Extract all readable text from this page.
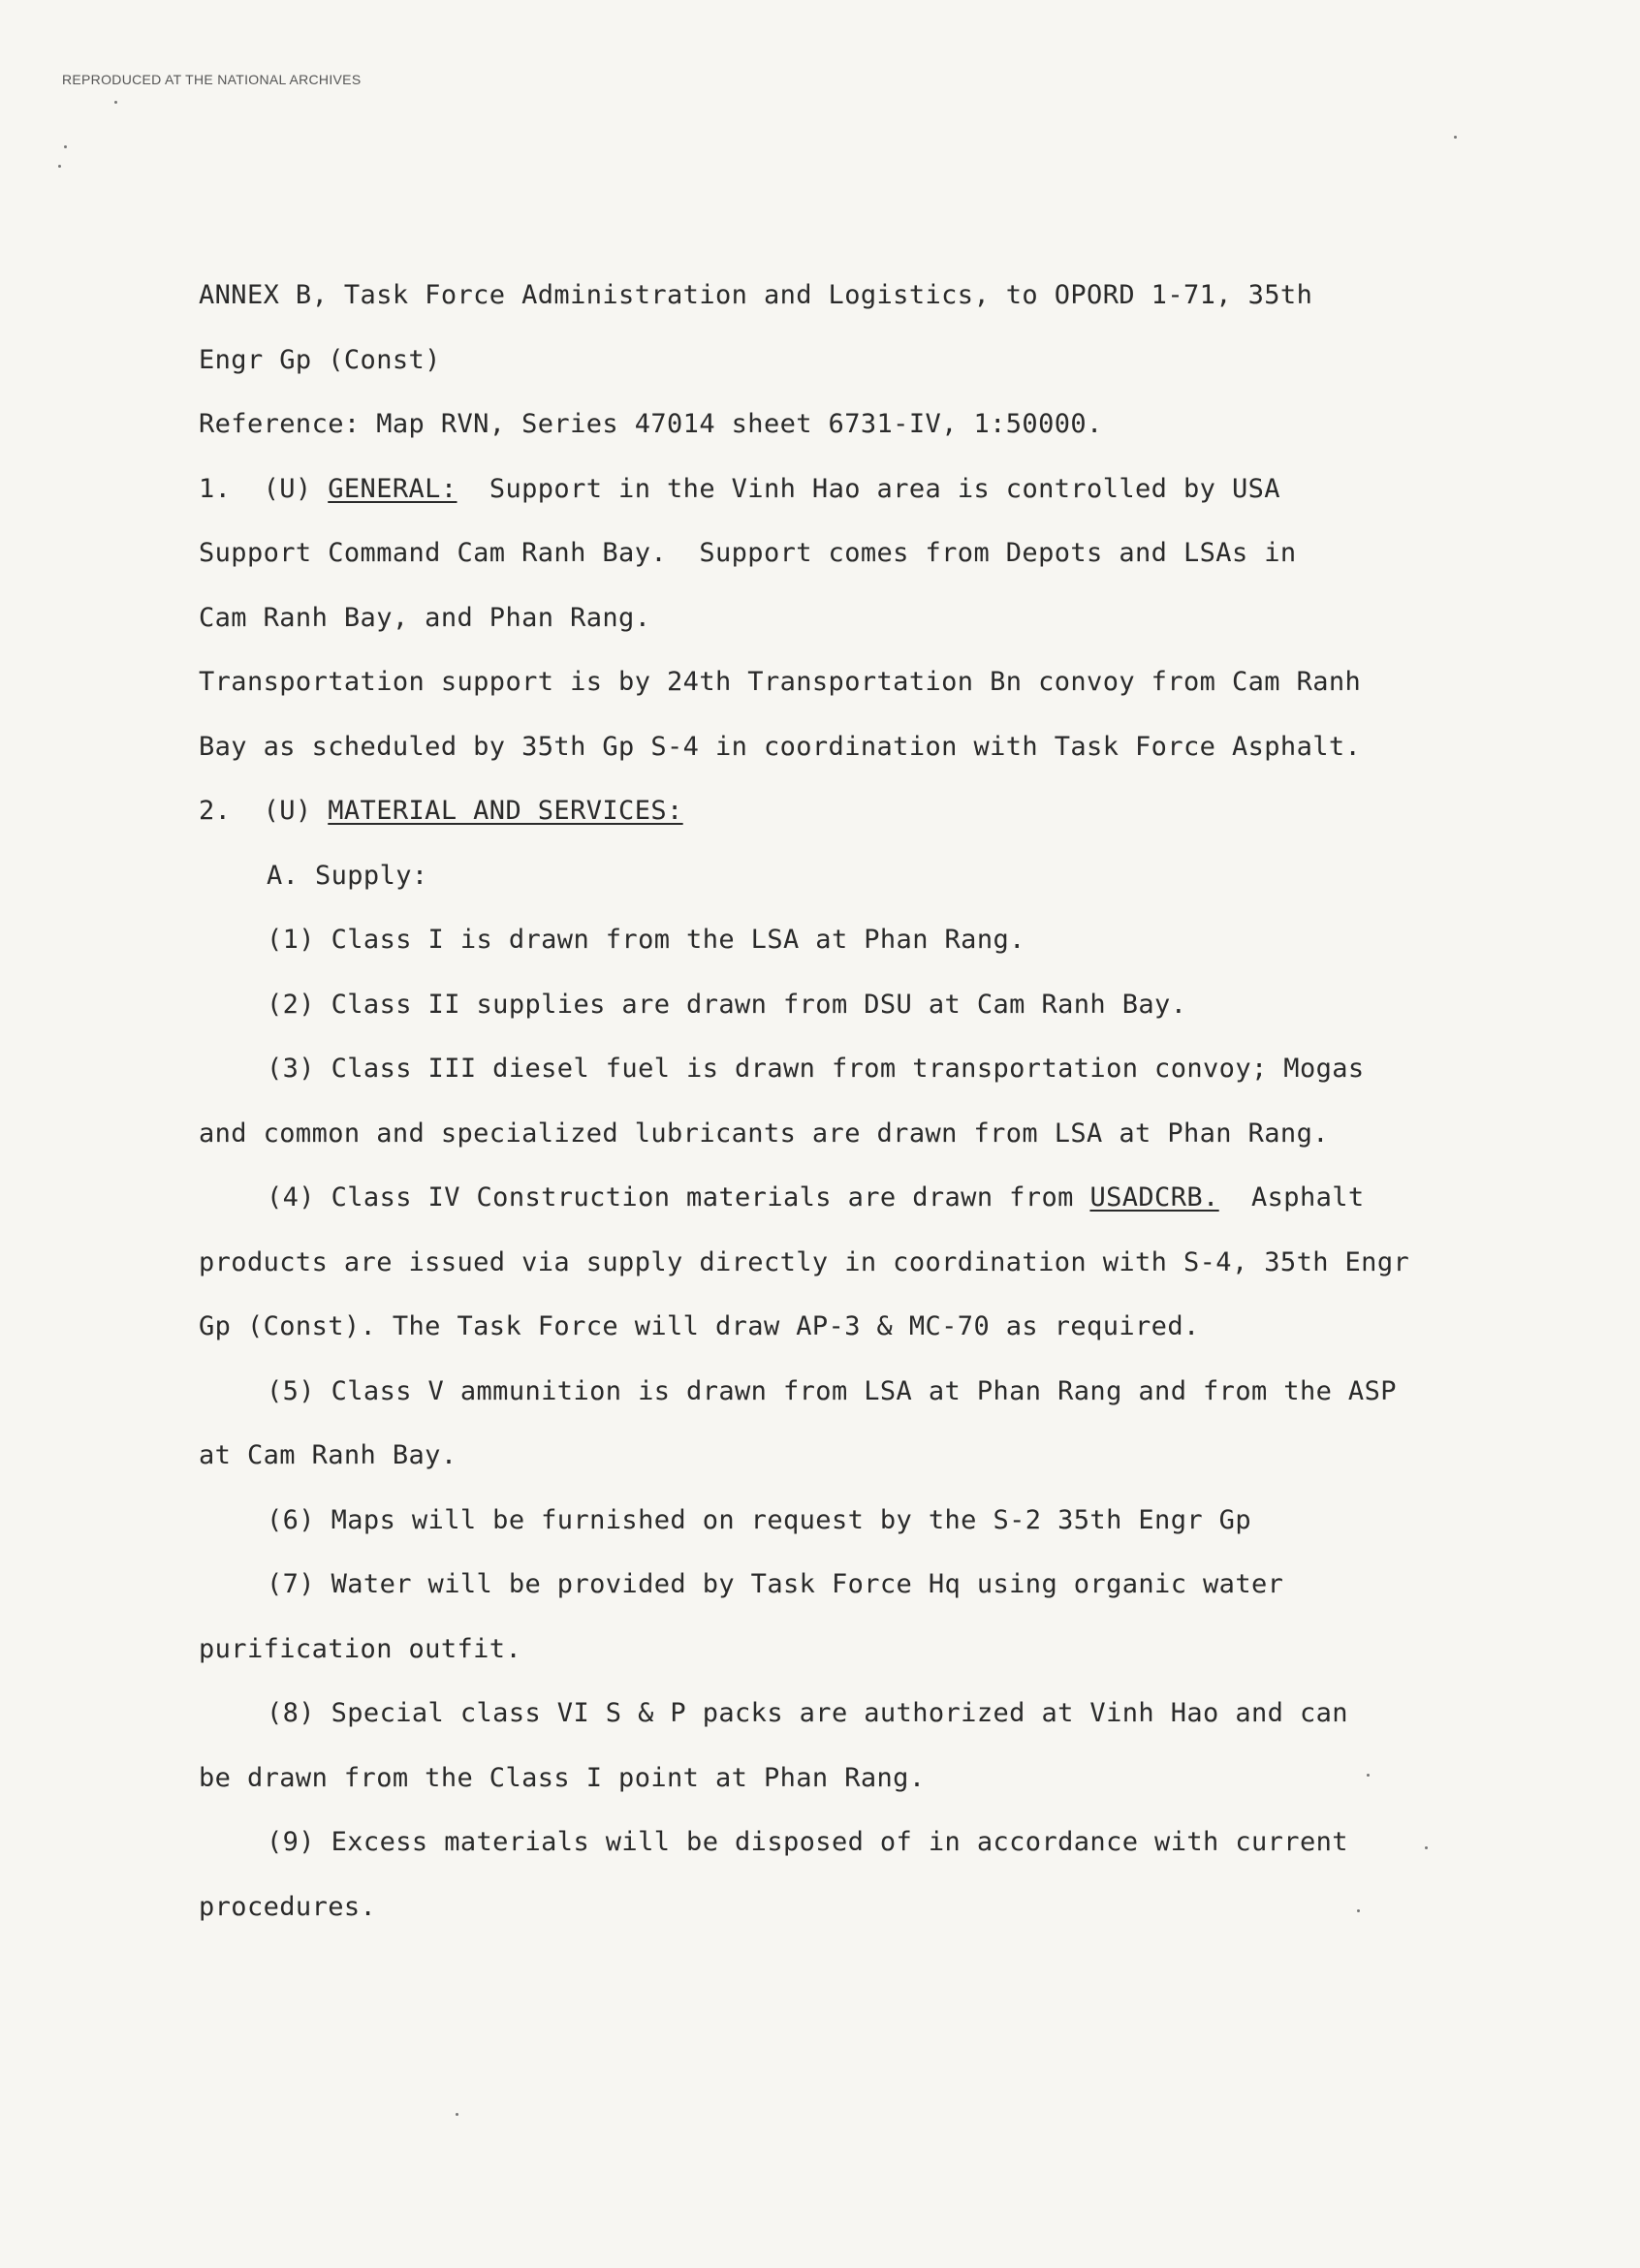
REPRODUCED AT THE NATIONAL ARCHIVES
ANNEX B, Task Force Administration and Logistics, to OPORD 1-71, 35th
Engr Gp (Const)
Reference: Map RVN, Series 47014 sheet 6731-IV, 1:50000.
1. (U) GENERAL: Support in the Vinh Hao area is controlled by USA
Support Command Cam Ranh Bay.  Support comes from Depots and LSAs in
Cam Ranh Bay, and Phan Rang.
Transportation support is by 24th Transportation Bn convoy from Cam Ranh
Bay as scheduled by 35th Gp S-4 in coordination with Task Force Asphalt.
2. (U) MATERIAL AND SERVICES:
A. Supply:
(1) Class I is drawn from the LSA at Phan Rang.
(2) Class II supplies are drawn from DSU at Cam Ranh Bay.
(3) Class III diesel fuel is drawn from transportation convoy; Mogas
and common and specialized lubricants are drawn from LSA at Phan Rang.
(4) Class IV Construction materials are drawn from USADCRB.  Asphalt
products are issued via supply directly in coordination with S-4, 35th Engr
Gp (Const). The Task Force will draw AP-3 & MC-70 as required.
(5) Class V ammunition is drawn from LSA at Phan Rang and from the ASP
at Cam Ranh Bay.
(6) Maps will be furnished on request by the S-2 35th Engr Gp
(7) Water will be provided by Task Force Hq using organic water
purification outfit.
(8) Special class VI S & P packs are authorized at Vinh Hao and can
be drawn from the Class I point at Phan Rang.
(9) Excess materials will be disposed of in accordance with current
procedures.
